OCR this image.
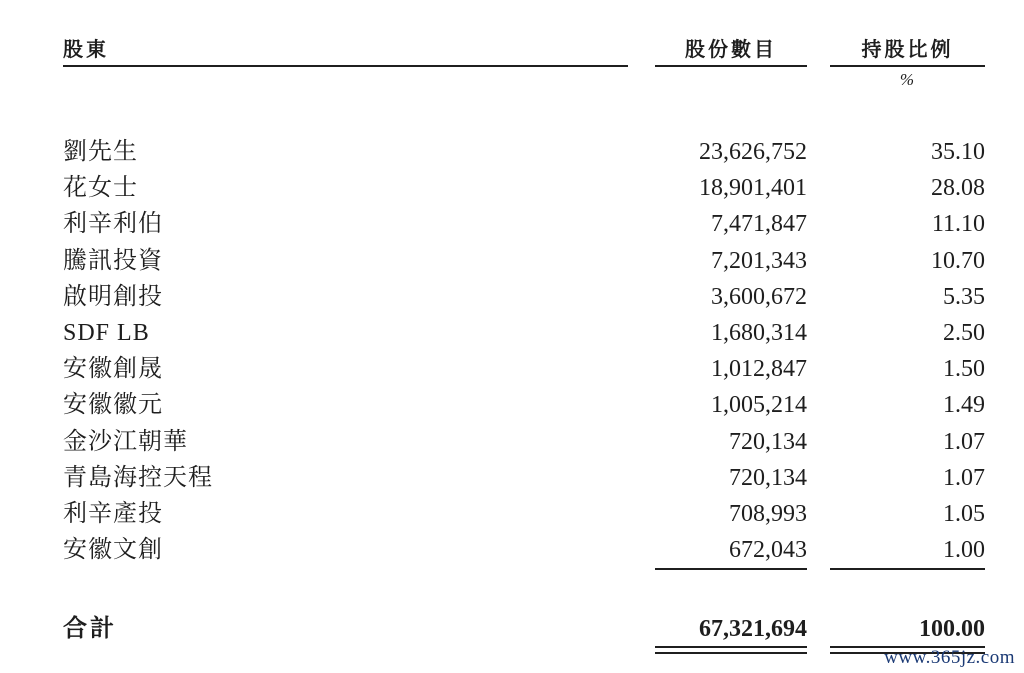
股東	股份數目	持股比例
%
劉先生	23,626,752	35.10
花女士	18,901,401	28.08
利辛利伯	7,471,847	11.10
騰訊投資	7,201,343	10.70
啟明創投	3,600,672	5.35
SDF LB	1,680,314	2.50
安徽創晟	1,012,847	1.50
安徽徽元	1,005,214	1.49
金沙江朝華	720,134	1.07
青島海控天程	720,134	1.07
利辛產投	708,993	1.05
安徽文創	672,043	1.00
合計	67,321,694	100.00
www.365jz.com
